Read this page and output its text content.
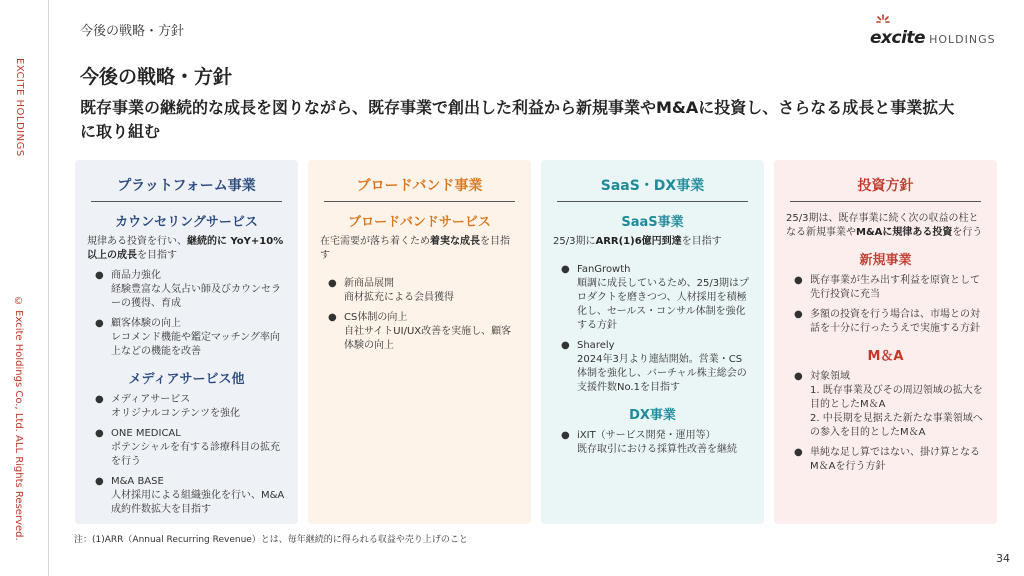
EXCITE HOLDINGS
© Excite Holdings Co., Ltd. ALL Rights Reserved.
今後の戦略・方針	excite HOLDINGS
今後の戦略・方針
既存事業の継続的な成長を図りながら、既存事業で創出した利益から新規事業やM&Aに投資し、さらなる成長と事業拡大に取り組む
プラットフォーム事業
カウンセリングサービス
規律ある投資を行い、継続的に YoY+10%以上の成長を目指す
● 商品力強化
経験豊富な人気占い師及びカウンセラーの獲得、育成
● 顧客体験の向上
レコメンド機能や鑑定マッチング率向上などの機能を改善
メディアサービス他
● メディアサービス
オリジナルコンテンツを強化
● ONE MEDICAL
ポテンシャルを有する診療科目の拡充を行う
● M&A BASE
人材採用による組織強化を行い、M&A成約件数拡大を目指す
ブロードバンド事業
ブロードバンドサービス
在宅需要が落ち着くため着実な成長を目指す
● 新商品展開
商材拡充による会員獲得
● CS体制の向上
自社サイトUI/UX改善を実施し、顧客体験の向上
SaaS・DX事業
SaaS事業
25/3期にARR(1)6億円到達を目指す
● FanGrowth
順調に成長しているため、25/3期はプロダクトを磨きつつ、人材採用を積極化し、セールス・コンサル体制を強化する方針
● Sharely
2024年3月より連結開始。営業・CS体制を強化し、バーチャル株主総会の支援件数No.1を目指す
DX事業
● iXIT（サービス開発・運用等）
既存取引における採算性改善を継続
投資方針
25/3期は、既存事業に続く次の収益の柱となる新規事業やM&Aに規律ある投資を行う
新規事業
● 既存事業が生み出す利益を原資として先行投資に充当
● 多額の投資を行う場合は、市場との対話を十分に行ったうえで実施する方針
M＆A
● 対象領域
1. 既存事業及びその周辺領域の拡大を目的としたM＆A
2. 中長期を見据えた新たな事業領域への参入を目的としたM＆A
● 単純な足し算ではない、掛け算となるM＆Aを行う方針
注：(1)ARR（Annual Recurring Revenue）とは、毎年継続的に得られる収益や売り上げのこと
34
